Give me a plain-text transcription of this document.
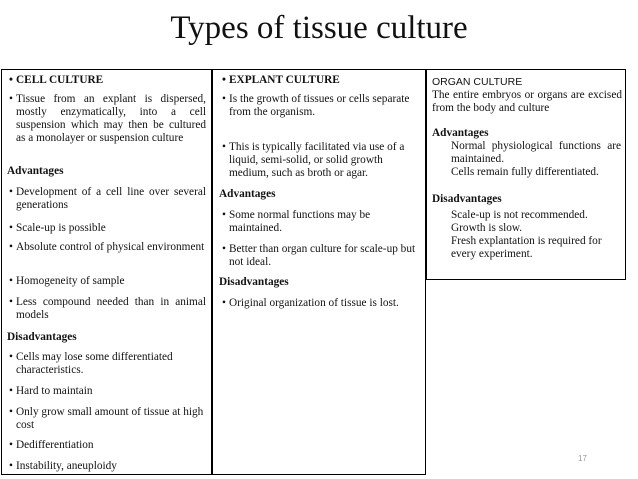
Types of tissue culture
• CELL CULTURE
• Tissue from an explant is dispersed, mostly enzymatically, into a cell suspension which may then be cultured as a monolayer or suspension culture
Advantages
• Development of a cell line over several generations
• Scale-up is possible
• Absolute control of physical environment
• Homogeneity of sample
• Less compound needed than in animal models
Disadvantages
• Cells may lose some differentiated characteristics.
• Hard to maintain
• Only grow small amount of tissue at high cost
• Dedifferentiation
• Instability, aneuploidy
• EXPLANT CULTURE
• Is the growth of tissues or cells separate from the organism.
• This is typically facilitated via use of a liquid, semi-solid, or solid growth medium, such as broth or agar.
Advantages
• Some normal functions may be maintained.
• Better than organ culture for scale-up but not ideal.
Disadvantages
• Original organization of tissue is lost.
ORGAN CULTURE
The entire embryos or organs are excised from the body and culture
Advantages
Normal physiological functions are maintained.
Cells remain fully differentiated.
Disadvantages
Scale-up is not recommended.
Growth is slow.
Fresh explantation is required for every experiment.
17
